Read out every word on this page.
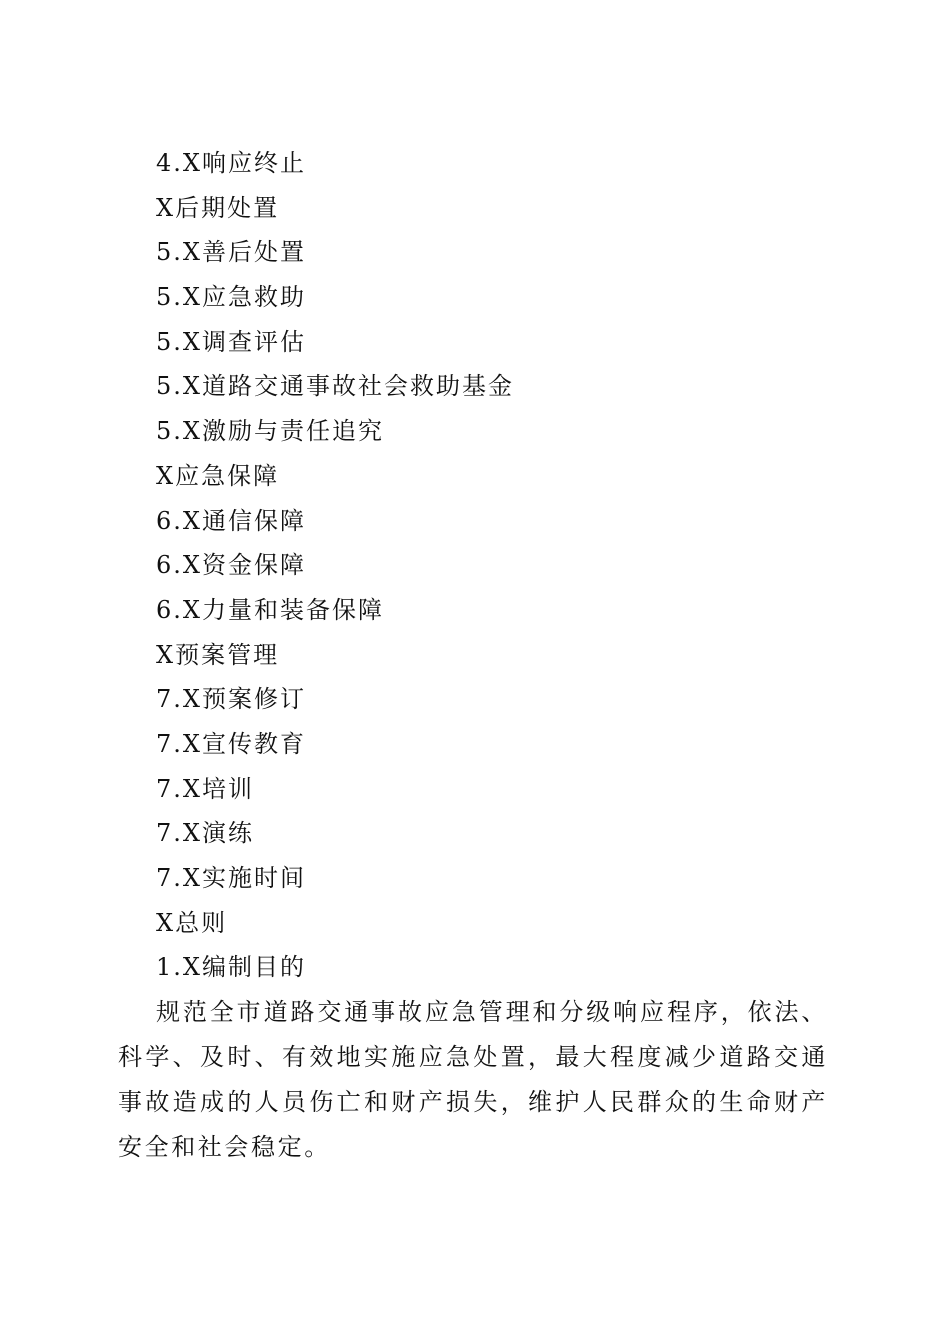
4.X响应终止
X后期处置
5.X善后处置
5.X应急救助
5.X调查评估
5.X道路交通事故社会救助基金
5.X激励与责任追究
X应急保障
6.X通信保障
6.X资金保障
6.X力量和装备保障
X预案管理
7.X预案修订
7.X宣传教育
7.X培训
7.X演练
7.X实施时间
X总则
1.X编制目的

规范全市道路交通事故应急管理和分级响应程序，依法、科学、及时、有效地实施应急处置，最大程度减少道路交通事故造成的人员伤亡和财产损失，维护人民群众的生命财产安全和社会稳定。
